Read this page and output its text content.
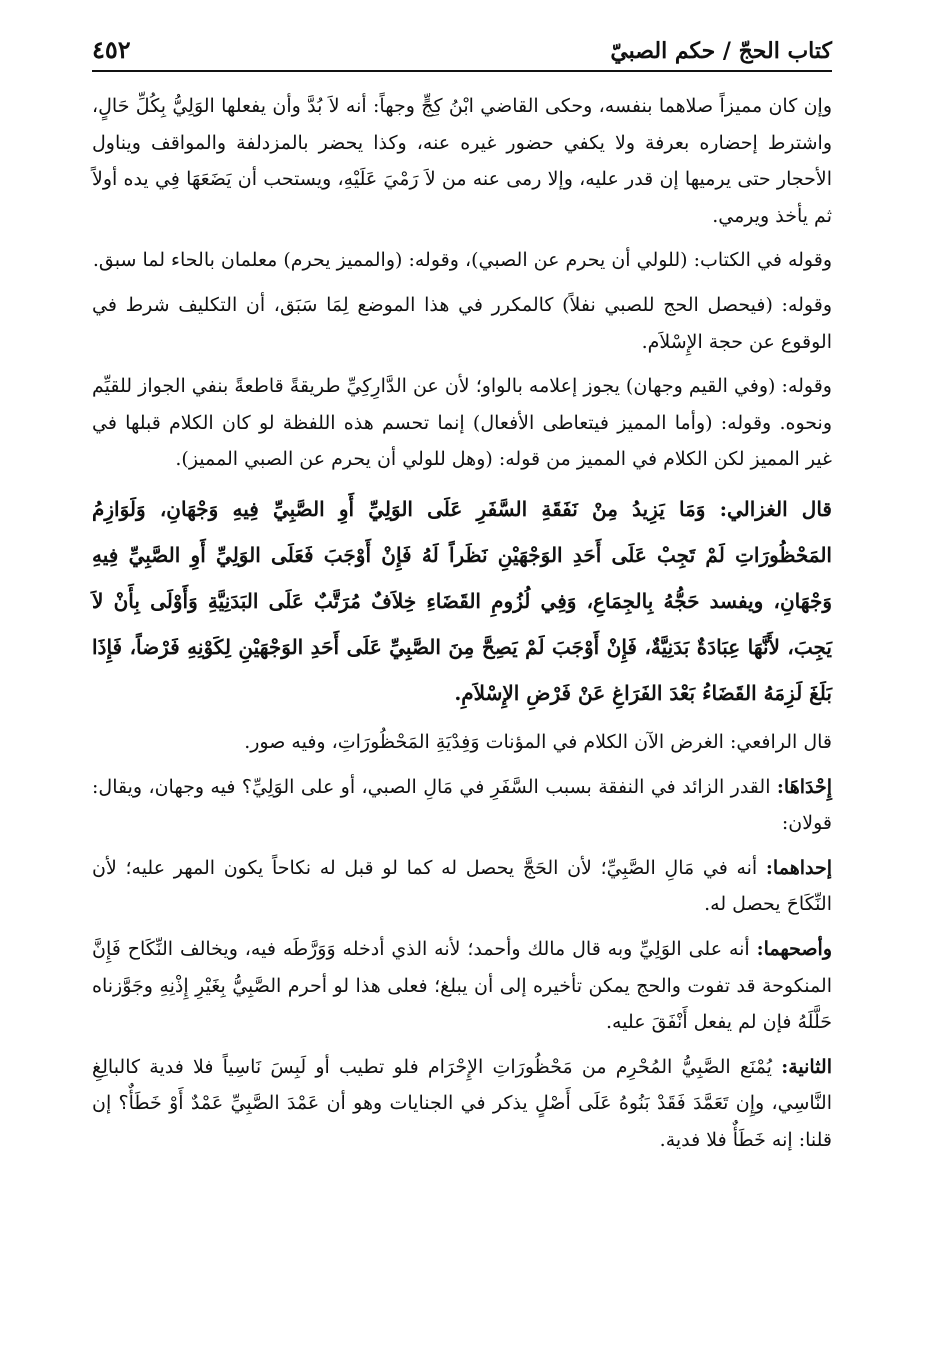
كتاب الحجّ / حكم الصبيّ
٤٥٢

وإن كان مميزاً صلاهما بنفسه، وحكى القاضي ابْنُ كِجٍّ وجهاً: أنه لاَ بُدَّ وأن يفعلها الوَلِيُّ بِكُلِّ حَالٍ، واشترط إحضاره بعرفة ولا يكفي حضور غيره عنه، وكذا يحضر بالمزدلفة والمواقف ويناول الأحجار حتى يرميها إن قدر عليه، وإلا رمى عنه من لاَ رَمْيَ عَلَيْهِ، ويستحب أن يَضَعَهَا فِي يده أولاً ثم يأخذ ويرمي.

وقوله في الكتاب: (للولي أن يحرم عن الصبي)، وقوله: (والمميز يحرم) معلمان بالحاء لما سبق.

وقوله: (فيحصل الحج للصبي نفلاً) كالمكرر في هذا الموضع لِمَا سَبَق، أن التكليف شرط في الوقوع عن حجة الإِسْلاَم.

وقوله: (وفي القيم وجهان) يجوز إعلامه بالواو؛ لأن عن الدَّارِكِيِّ طريقةً قاطعةً بنفي الجواز للقيِّم ونحوه. وقوله: (وأما المميز فيتعاطى الأفعال) إنما تحسم هذه اللفظة لو كان الكلام قبلها في غير المميز لكن الكلام في المميز من قوله: (وهل للولي أن يحرم عن الصبي المميز).

قال الغزالي: وَمَا يَزِيدُ مِنْ نَفَقَةِ السَّفَرِ عَلَى الوَلِيِّ أَوِ الصَّبِيِّ فِيهِ وَجْهَانِ، وَلَوَازِمُ المَحْظُورَاتِ لَمْ تَجِبْ عَلَى أَحَدِ الوَجْهَيْنِ نَظَراً لَهُ فَإِنْ أَوْجَبَ فَعَلَى الوَلِيِّ أَوِ الصَّبِيِّ فِيهِ وَجْهَانِ، ويفسد حَجُّهُ بِالجِمَاعِ، وَفِي لُزُومِ القَضَاءِ خِلاَفٌ مُرَتَّبٌ عَلَى البَدَنِيَّةِ وَأَوْلَى بِأَنْ لاَ يَجِبَ، لأَنَّهَا عِبَادَةٌ بَدَنِيَّةٌ، فَإِنْ أَوْجَبَ لَمْ يَصِحَّ مِنَ الصَّبِيِّ عَلَى أَحَدِ الوَجْهَيْنِ لِكَوْنِهِ فَرْضاً، فَإِذَا بَلَغَ لَزِمَهُ القَضَاءُ بَعْدَ الفَرَاغِ عَنْ فَرْضِ الإِسْلاَمِ.

قال الرافعي: الغرض الآن الكلام في المؤنات وَفِدْيَةِ المَحْظُورَاتِ، وفيه صور.

إِحْدَاهَا: القدر الزائد في النفقة بسبب السَّفَرِ في مَالِ الصبي، أو على الوَلِيِّ؟ فيه وجهان، ويقال: قولان:

إحداهما: أنه في مَالِ الصَّبِيِّ؛ لأن الحَجَّ يحصل له كما لو قبل له نكاحاً يكون المهر عليه؛ لأن النِّكَاحَ يحصل له.

وأصحهما: أنه على الوَلِيِّ وبه قال مالك وأحمد؛ لأنه الذي أدخله وَوَرَّطَه فيه، ويخالف النِّكَاح فَإِنَّ المنكوحة قد تفوت والحج يمكن تأخيره إلى أن يبلغ؛ فعلى هذا لو أحرم الصَّبِيُّ بِغَيْرِ إِذْنِهِ وجَوَّزناه حَلَّلَهُ فإن لم يفعل أَنْفَقَ عليه.

الثانية: يُمْنَع الصَّبِيُّ المُحْرِم من مَحْظُورَاتِ الإِحْرَام فلو تطيب أو لَبِسَ نَاسِياً فلا فدية كالبالِغِ النَّاسِي، وإِن تَعَمَّدَ فَقَدْ بَنُوهُ عَلَى أَصْلٍ يذكر في الجنايات وهو أن عَمْدَ الصَّبِيِّ عَمْدٌ أَوْ خَطَأٌ؟ إن قلنا: إنه خَطَأٌ فلا فدية.
